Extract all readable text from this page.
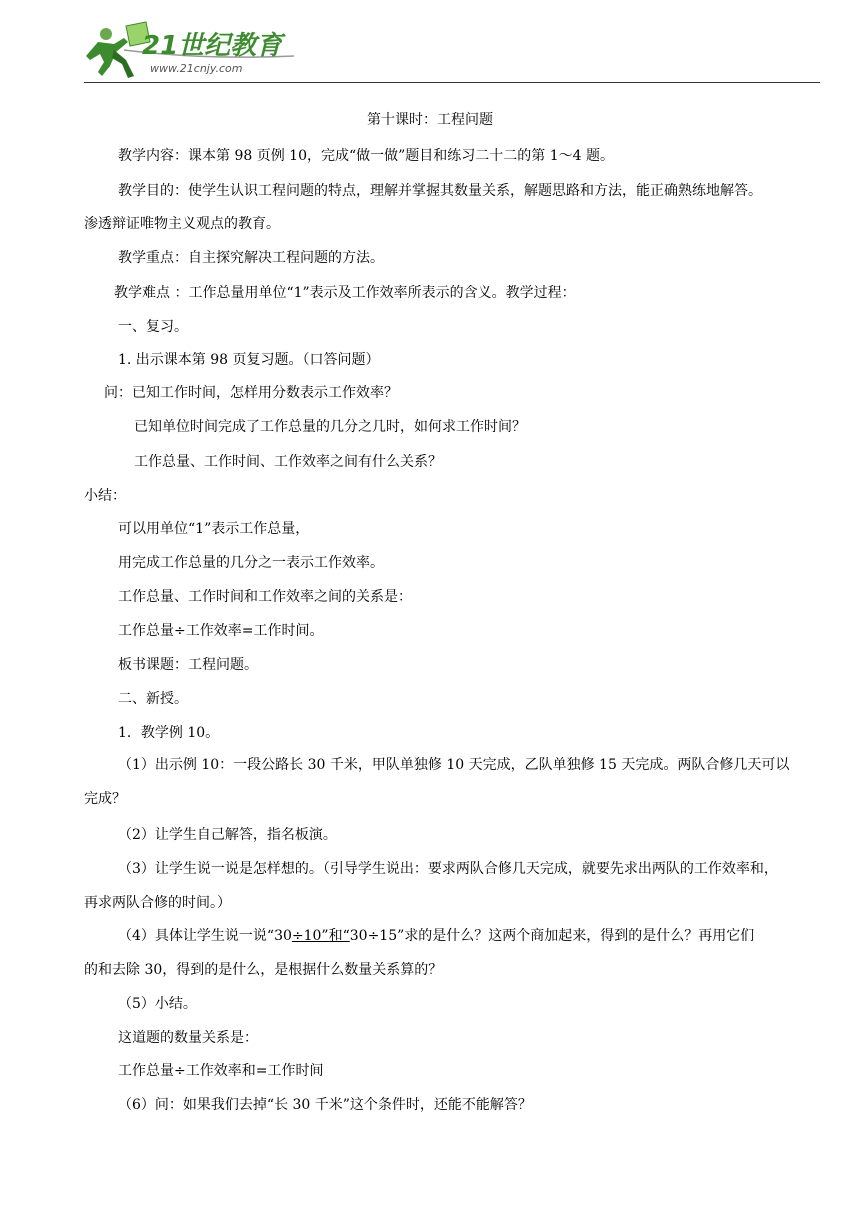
21世纪教育
www.21cnjy.com
第十课时：工程问题
教学内容：课本第 98 页例 10，完成“做一做”题目和练习二十二的第 1～4 题。
教学目的：使学生认识工程问题的特点，理解并掌握其数量关系，解题思路和方法，能正确熟练地解答。
渗透辩证唯物主义观点的教育。
教学重点：自主探究解决工程问题的方法。
教学难点 ：工作总量用单位“1”表示及工作效率所表示的含义。教学过程：
一、复习。
1. 出示课本第 98 页复习题。（口答问题）
问：已知工作时间，怎样用分数表示工作效率？
已知单位时间完成了工作总量的几分之几时，如何求工作时间？
工作总量、工作时间、工作效率之间有什么关系？
小结：
可以用单位“1”表示工作总量，
用完成工作总量的几分之一表示工作效率。
工作总量、工作时间和工作效率之间的关系是：
工作总量÷工作效率=工作时间。
板书课题：工程问题。
二、新授。
1．教学例 10。
（1）出示例 10：一段公路长 30 千米，甲队单独修 10 天完成，乙队单独修 15 天完成。两队合修几天可以
完成？
（2）让学生自己解答，指名板演。
（3）让学生说一说是怎样想的。（引导学生说出：要求两队合修几天完成，就要先求出两队的工作效率和，
再求两队合修的时间。）
（4）具体让学生说一说“30÷10”和“30÷15”求的是什么？这两个商加起来，得到的是什么？再用它们
的和去除 30，得到的是什么，是根据什么数量关系算的？
（5）小结。
这道题的数量关系是：
工作总量÷工作效率和=工作时间
（6）问：如果我们去掉“长 30 千米”这个条件时，还能不能解答？
